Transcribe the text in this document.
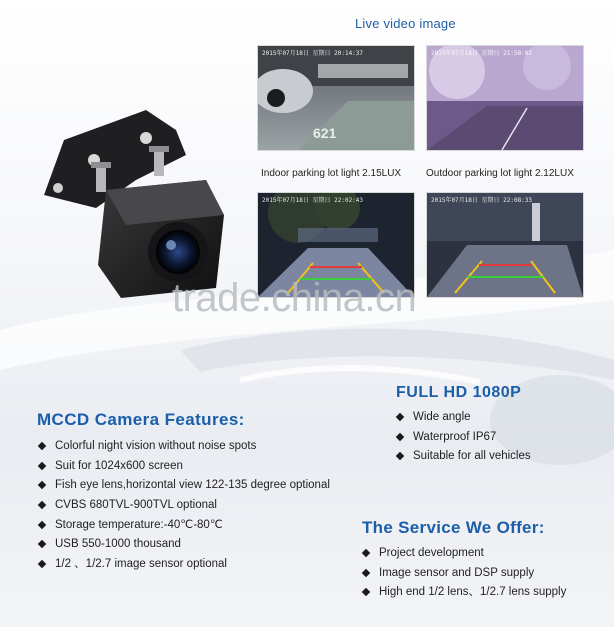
Live video image
621
2015年07月18日 星期日 20:14:37	2015年07月18日 星期日 21:58:02
Indoor parking lot light 2.15LUX Outdoor parking lot light 2.12LUX
2015年07月18日 星期日 22:02:43	2015年07月18日 星期日 22:08:33
trade.china.cn
FULL HD 1080P
Wide angle
Waterproof IP67
Suitable for all vehicles
MCCD Camera Features:
Colorful night vision without noise spots
Suit for 1024x600 screen
Fish eye lens,horizontal view 122-135 degree optional
CVBS 680TVL-900TVL optional
Storage temperature:-40℃-80℃
USB 550-1000 thousand
1/2 、1/2.7 image sensor optional
The Service We Offer:
Project development
Image sensor and DSP supply
High end 1/2 lens、1/2.7 lens supply
